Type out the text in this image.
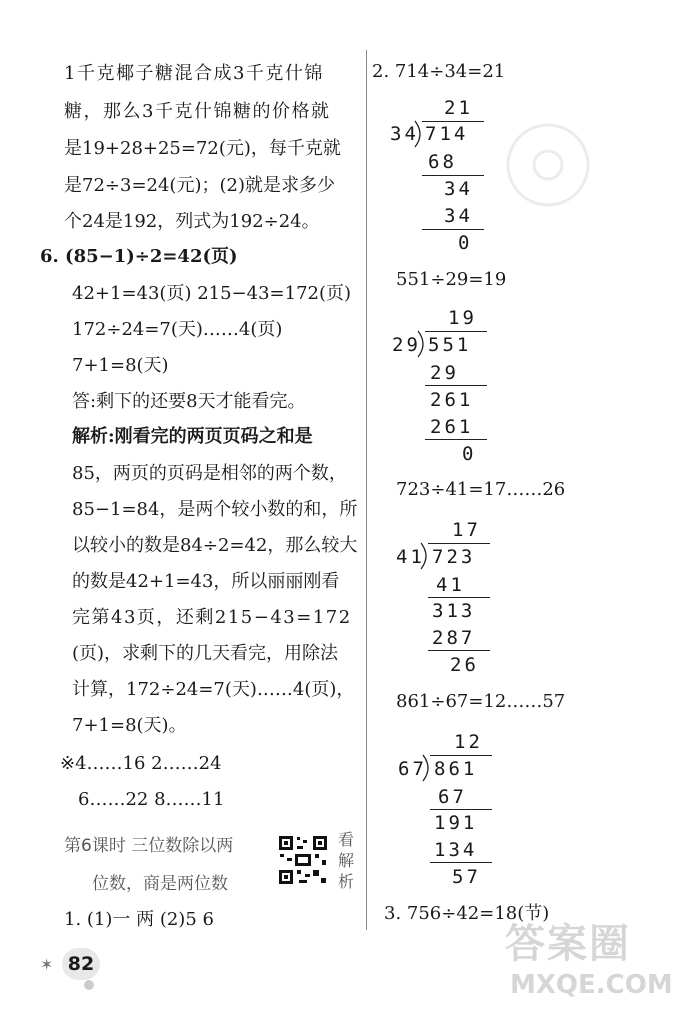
答案圈
MXQE.COM
1千克椰子糖混合成3千克什锦
糖，那么3千克什锦糖的价格就
是19+28+25=72(元)，每千克就
是72÷3=24(元)；(2)就是求多少
个24是192，列式为192÷24。
6. (85−1)÷2=42(页)
42+1=43(页) 215−43=172(页)
172÷24=7(天)……4(页)
7+1=8(天)
答:剩下的还要8天才能看完。
解析:刚看完的两页页码之和是
85，两页的页码是相邻的两个数，
85−1=84，是两个较小数的和，所
以较小的数是84÷2=42，那么较大
的数是42+1=43，所以丽丽刚看
完第43页，还剩215−43=172
(页)，求剩下的几天看完，用除法
计算，172÷24=7(天)……4(页)，
7+1=8(天)。
※4……16 2……24
6……22 8……11
第6课时 三位数除以两
位数，商是两位数
看
解
析
1. (1)一 两 (2)5 6
2. 714÷34=21
21
34 714
68
34
34
0
551÷29=19
19
29 551
29
261
261
0
723÷41=17……26
17
41 723
41
313
287
26
861÷67=12……57
12
67 861
67
191
134
57
3. 756÷42=18(节)
✶ 82
